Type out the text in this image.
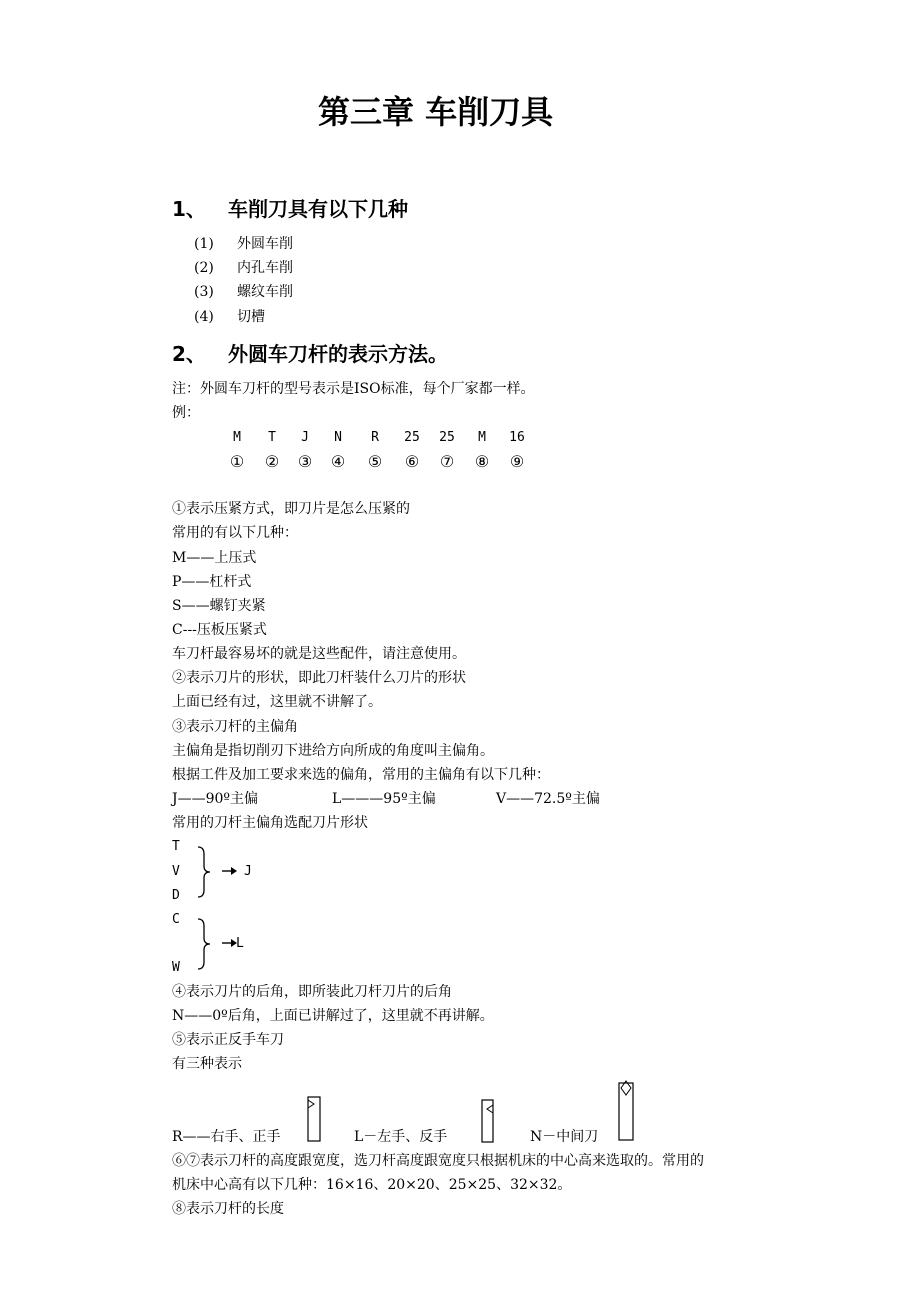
第三章 车削刀具
1、 车削刀具有以下几种
(1) 外圆车削
(2) 内孔车削
(3) 螺纹车削
(4) 切槽
2、 外圆车刀杆的表示方法。
注：外圆车刀杆的型号表示是ISO标准，每个厂家都一样。
例：
M	T	J	N	R	25	25	M	16
①	②	③	④	⑤	⑥	⑦	⑧	⑨
①表示压紧方式，即刀片是怎么压紧的
常用的有以下几种：
M——上压式
P——杠杆式
S——螺钉夹紧
C---压板压紧式
车刀杆最容易坏的就是这些配件，请注意使用。
②表示刀片的形状，即此刀杆装什么刀片的形状
上面已经有过，这里就不讲解了。
③表示刀杆的主偏角
主偏角是指切削刃下进给方向所成的角度叫主偏角。
根据工件及加工要求来选的偏角，常用的主偏角有以下几种：
J——90º主偏	L———95º主偏	V——72.5º主偏
常用的刀杆主偏角选配刀片形状
T
V
D
J
C
W
L
④表示刀片的后角，即所装此刀杆刀片的后角
N——0º后角，上面已讲解过了，这里就不再讲解。
⑤表示正反手车刀
有三种表示
R——右手、正手	L－左手、反手	N－中间刀
⑥⑦表示刀杆的高度跟宽度，选刀杆高度跟宽度只根据机床的中心高来选取的。常用的
机床中心高有以下几种：16×16、20×20、25×25、32×32。
⑧表示刀杆的长度
